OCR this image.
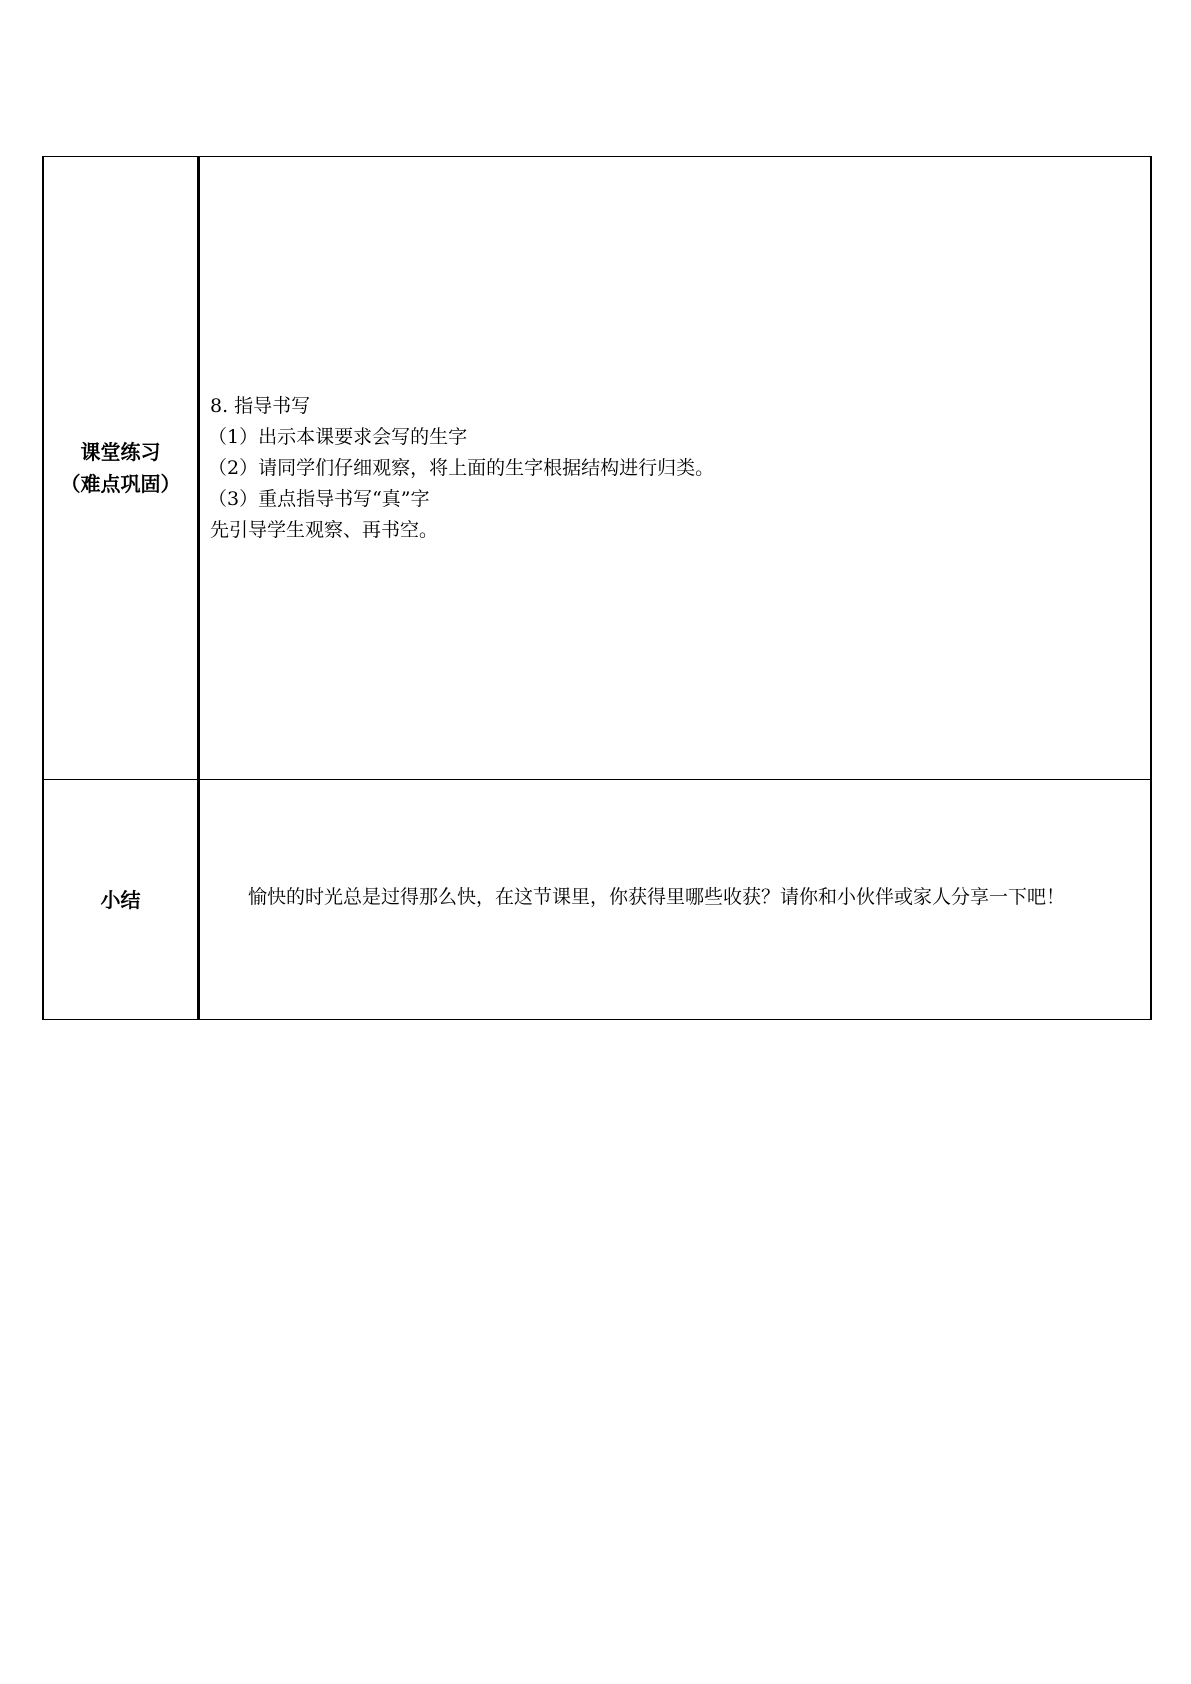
课堂练习
（难点巩固）	8. 指导书写
（1）出示本课要求会写的生字
（2）请同学们仔细观察，将上面的生字根据结构进行归类。
（3）重点指导书写“真”字
先引导学生观察、再书空。

小结	愉快的时光总是过得那么快，在这节课里，你获得里哪些收获？请你和小伙伴或家人分享一下吧！
